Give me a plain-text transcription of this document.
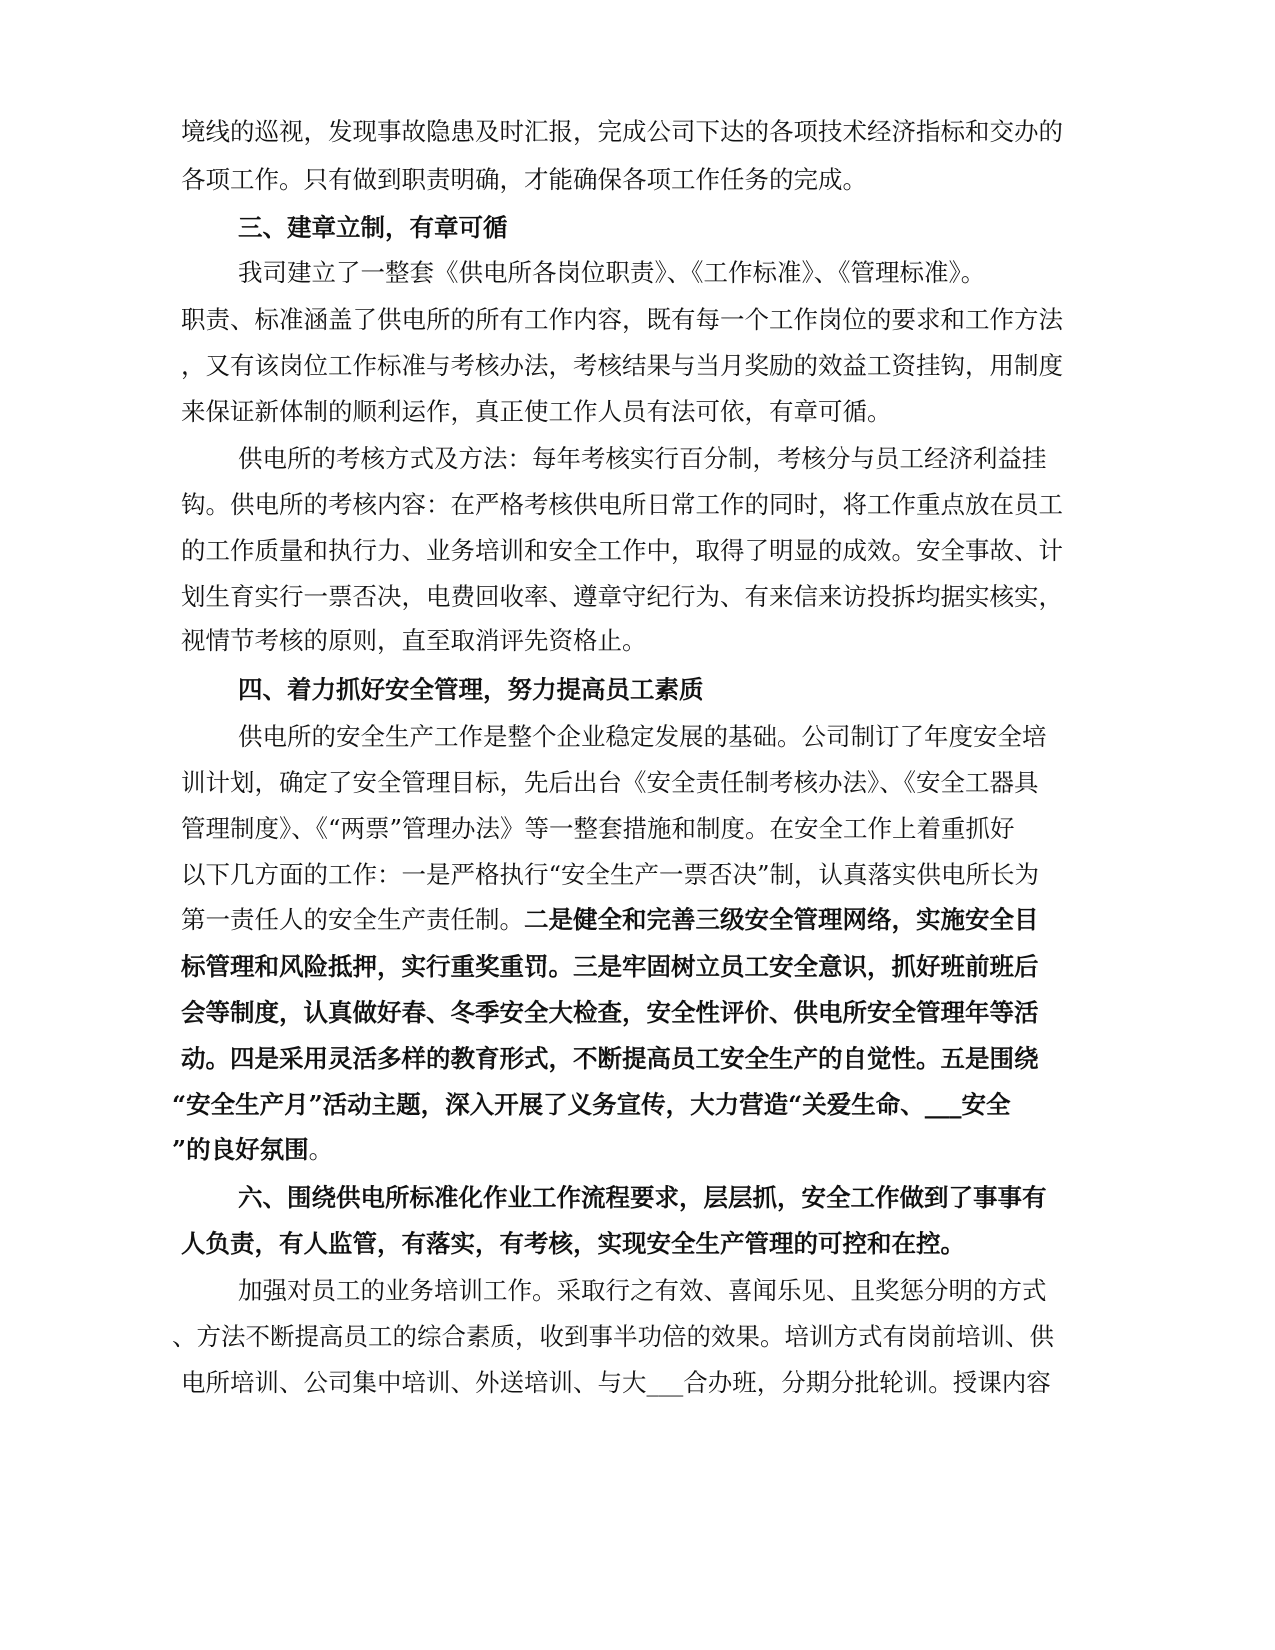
境线的巡视，发现事故隐患及时汇报，完成公司下达的各项技术经济指标和交办的
各项工作。只有做到职责明确，才能确保各项工作任务的完成。
三、建章立制，有章可循
我司建立了一整套《供电所各岗位职责》、《工作标准》、《管理标准》。
职责、标准涵盖了供电所的所有工作内容，既有每一个工作岗位的要求和工作方法
，又有该岗位工作标准与考核办法，考核结果与当月奖励的效益工资挂钩，用制度
来保证新体制的顺利运作，真正使工作人员有法可依，有章可循。
供电所的考核方式及方法：每年考核实行百分制，考核分与员工经济利益挂
钩。供电所的考核内容：在严格考核供电所日常工作的同时，将工作重点放在员工
的工作质量和执行力、业务培训和安全工作中，取得了明显的成效。安全事故、计
划生育实行一票否决，电费回收率、遵章守纪行为、有来信来访投拆均据实核实，
视情节考核的原则，直至取消评先资格止。
四、着力抓好安全管理，努力提高员工素质
供电所的安全生产工作是整个企业稳定发展的基础。公司制订了年度安全培
训计划，确定了安全管理目标，先后出台《安全责任制考核办法》、《安全工器具
管理制度》、《“两票”管理办法》等一整套措施和制度。在安全工作上着重抓好
以下几方面的工作：一是严格执行“安全生产一票否决”制，认真落实供电所长为
第一责任人的安全生产责任制。二是健全和完善三级安全管理网络，实施安全目
标管理和风险抵押，实行重奖重罚。三是牢固树立员工安全意识，抓好班前班后
会等制度，认真做好春、冬季安全大检查，安全性评价、供电所安全管理年等活
动。四是采用灵活多样的教育形式，不断提高员工安全生产的自觉性。五是围绕
“安全生产月”活动主题，深入开展了义务宣传，大力营造“关爱生命、___安全
”的良好氛围。
六、围绕供电所标准化作业工作流程要求，层层抓，安全工作做到了事事有
人负责，有人监管，有落实，有考核，实现安全生产管理的可控和在控。
加强对员工的业务培训工作。采取行之有效、喜闻乐见、且奖惩分明的方式
、方法不断提高员工的综合素质，收到事半功倍的效果。培训方式有岗前培训、供
电所培训、公司集中培训、外送培训、与大___合办班，分期分批轮训。授课内容
